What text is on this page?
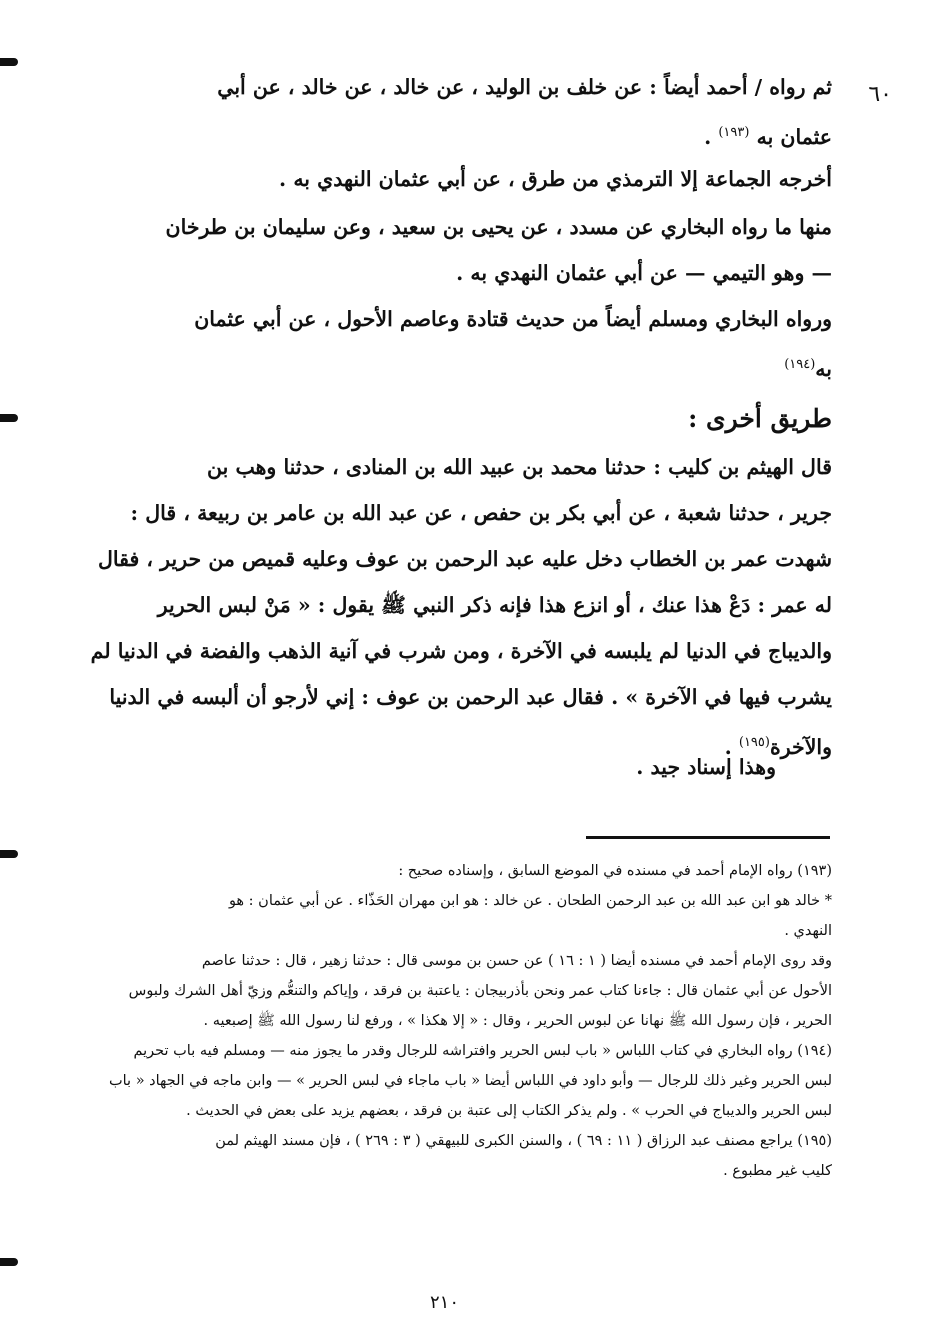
٦٠
ثم رواه / أحمد أيضاً : عن خلف بن الوليد ، عن خالد ، عن خالد ، عن أبي
عثمان به $^{(١٩٣)}$ .
أخرجه الجماعة إلا الترمذي من طرق ، عن أبي عثمان النهدي به .
منها ما رواه البخاري عن مسدد ، عن يحيى بن سعيد ، وعن سليمان بن طرخان
— وهو التيمي — عن أبي عثمان النهدي به .
ورواه البخاري ومسلم أيضاً من حديث قتادة وعاصم الأحول ، عن أبي عثمان
به$^{(١٩٤)}$
طريق أخرى :
قال الهيثم بن كليب : حدثنا محمد بن عبيد الله بن المنادى ، حدثنا وهب بن
جرير ، حدثنا شعبة ، عن أبي بكر بن حفص ، عن عبد الله بن عامر بن ربيعة ، قال :
شهدت عمر بن الخطاب دخل عليه عبد الرحمن بن عوف وعليه قميص من حرير ، فقال
له عمر : دَعْ هذا عنك ، أو انزع هذا فإنه ذكر النبي ﷺ يقول : « مَنْ لبس الحرير
والديباج في الدنيا لم يلبسه في الآخرة ، ومن شرب في آنية الذهب والفضة في الدنيا لم
يشرب فيها في الآخرة » . فقال عبد الرحمن بن عوف : إني لأرجو أن ألبسه في الدنيا
والآخرة$^{(١٩٥)}$ .
وهذا إسناد جيد .
(١٩٣) رواه الإمام أحمد في مسنده في الموضع السابق ، وإسناده صحيح :
* خالد هو ابن عبد الله بن عبد الرحمن الطحان . عن خالد : هو ابن مهران الحَذّاء . عن أبي عثمان : هو
النهدي .
وقد روى الإمام أحمد في مسنده أيضا ( ١ : ١٦ ) عن حسن بن موسى قال : حدثنا زهير ، قال : حدثنا عاصم
الأحول عن أبي عثمان قال : جاءنا كتاب عمر ونحن بأذربيجان : ياعتبة بن فرقد ، وإياكم والتنعُّم وزيّ أهل الشرك ولبوس
الحرير ، فإن رسول الله ﷺ نهانا عن لبوس الحرير ، وقال : « إلا هكذا » ، ورفع لنا رسول الله ﷺ إصبعيه .
(١٩٤) رواه البخاري في كتاب اللباس « باب لبس الحرير وافتراشه للرجال وقدر ما يجوز منه — ومسلم فيه باب تحريم
لبس الحرير وغير ذلك للرجال — وأبو داود في اللباس أيضا « باب ماجاء في لبس الحرير » — وابن ماجه في الجهاد « باب
لبس الحرير والديباج في الحرب » . ولم يذكر الكتاب إلى عتبة بن فرقد ، بعضهم يزيد على بعض في الحديث .
(١٩٥) يراجع مصنف عبد الرزاق ( ١١ : ٦٩ ) ، والسنن الكبرى للبيهقي ( ٣ : ٢٦٩ ) ، فإن مسند الهيثم لمن
كليب غير مطبوع .
٢١٠
